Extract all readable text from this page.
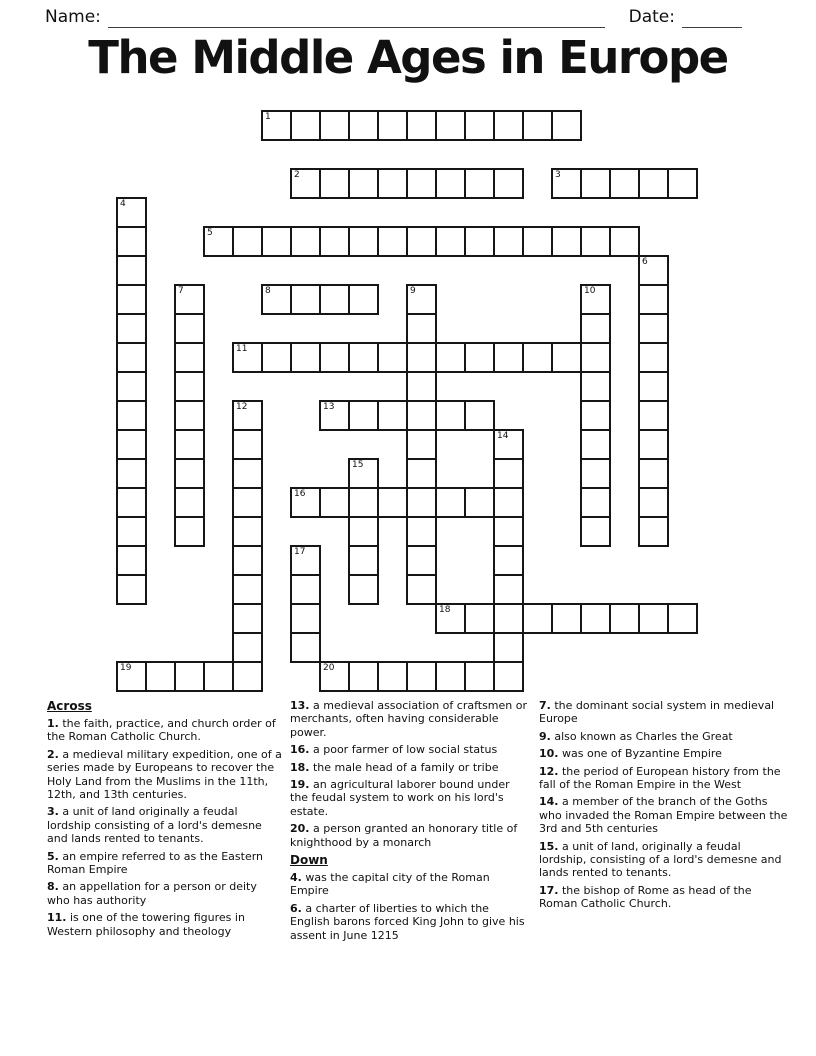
Name:	Date:
The Middle Ages in Europe
1
2	3
4
5
6
7	8	9	10
11
12	13
14
15
16
17
18
19	20
Across

1. the faith, practice, and church order of the Roman Catholic Church.

2. a medieval military expedition, one of a series made by Europeans to recover the Holy Land from the Muslims in the 11th, 12th, and 13th centuries.

3. a unit of land originally a feudal lordship consisting of a lord's demesne and lands rented to tenants.

5. an empire referred to as the Eastern Roman Empire

8. an appellation for a person or deity who has authority

11. is one of the towering figures in Western philosophy and theology

13. a medieval association of craftsmen or merchants, often having considerable power.

16. a poor farmer of low social status

18. the male head of a family or tribe

19. an agricultural laborer bound under the feudal system to work on his lord's estate.

20. a person granted an honorary title of knighthood by a monarch

Down

4. was the capital city of the Roman Empire

6. a charter of liberties to which the English barons forced King John to give his assent in June 1215

7. the dominant social system in medieval Europe

9. also known as Charles the Great

10. was one of Byzantine Empire

12. the period of European history from the fall of the Roman Empire in the West

14. a member of the branch of the Goths who invaded the Roman Empire between the 3rd and 5th centuries

15. a unit of land, originally a feudal lordship, consisting of a lord's demesne and lands rented to tenants.

17. the bishop of Rome as head of the Roman Catholic Church.
